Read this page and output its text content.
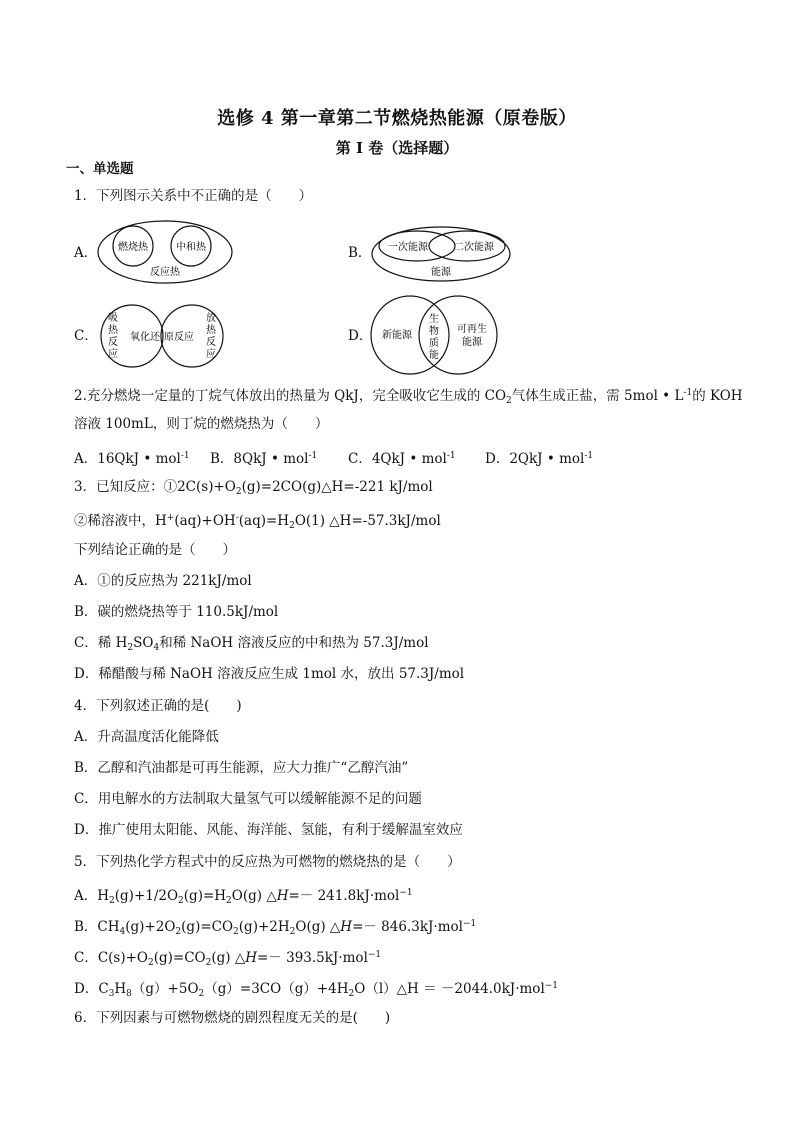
选修 4 第一章第二节燃烧热能源（原卷版）
第 I 卷（选择题）
一、单选题
1．下列图示关系中不正确的是（　　）
A． 燃烧热	中和热
反应热
B． 一次能源	二次能源
能源
C．
吸
热
反
应
氧化还 原反应
放
热
反
应
D． 新能源
生
物
质
能
可再生
能源
2.充分燃烧一定量的丁烷气体放出的热量为 QkJ，完全吸收它生成的 $CO_2$气体生成正盐，需 5mol • $L^{-1}$的 KOH
溶液 100mL，则丁烷的燃烧热为（　　）
A．16QkJ • mol$^{-1}$ B．8QkJ • mol$^{-1}$ C．4QkJ • mol$^{-1}$ D．2QkJ • mol$^{-1}$
3．已知反应：$①2C(s)+O_2(g)=2CO(g)\triangle H=-221$ kJ/mol
②稀溶液中，$H^+(aq)+OH^-(aq)=H_2O(1)$ △H=-57.3kJ/mol
下列结论正确的是（　　）
A．①的反应热为 221kJ/mol
B．碳的燃烧热等于 110.5kJ/mol
C．稀 $H_2SO_4$和稀 NaOH 溶液反应的中和热为 57.3J/mol
D．稀醋酸与稀 NaOH 溶液反应生成 1mol 水，放出 57.3J/mol
4．下列叙述正确的是(　　)
A．升高温度活化能降低
B．乙醇和汽油都是可再生能源，应大力推广“乙醇汽油”
C．用电解水的方法制取大量氢气可以缓解能源不足的问题
D．推广使用太阳能、风能、海洋能、氢能，有利于缓解温室效应
5．下列热化学方程式中的反应热为可燃物的燃烧热的是（　　）
A．$H_2(g)+1/2O_2(g)=H_2O(g)$ △H=－ 241.8kJ·mol$^{-1}$
B．$CH_4(g)+2O_2(g)=CO_2(g)+2H_2O(g)$ △H=－ 846.3kJ·mol$^{-1}$
C．$C(s)+O_2(g)=CO_2(g)$ △H=－ 393.5kJ·mol$^{-1}$
D．$C_3H_8(g)+5O_2(g)=3CO(g)+4H_2O(l)\triangle H = -2044.0kJ\cdot mol^{-1}$
6．下列因素与可燃物燃烧的剧烈程度无关的是(　　)
